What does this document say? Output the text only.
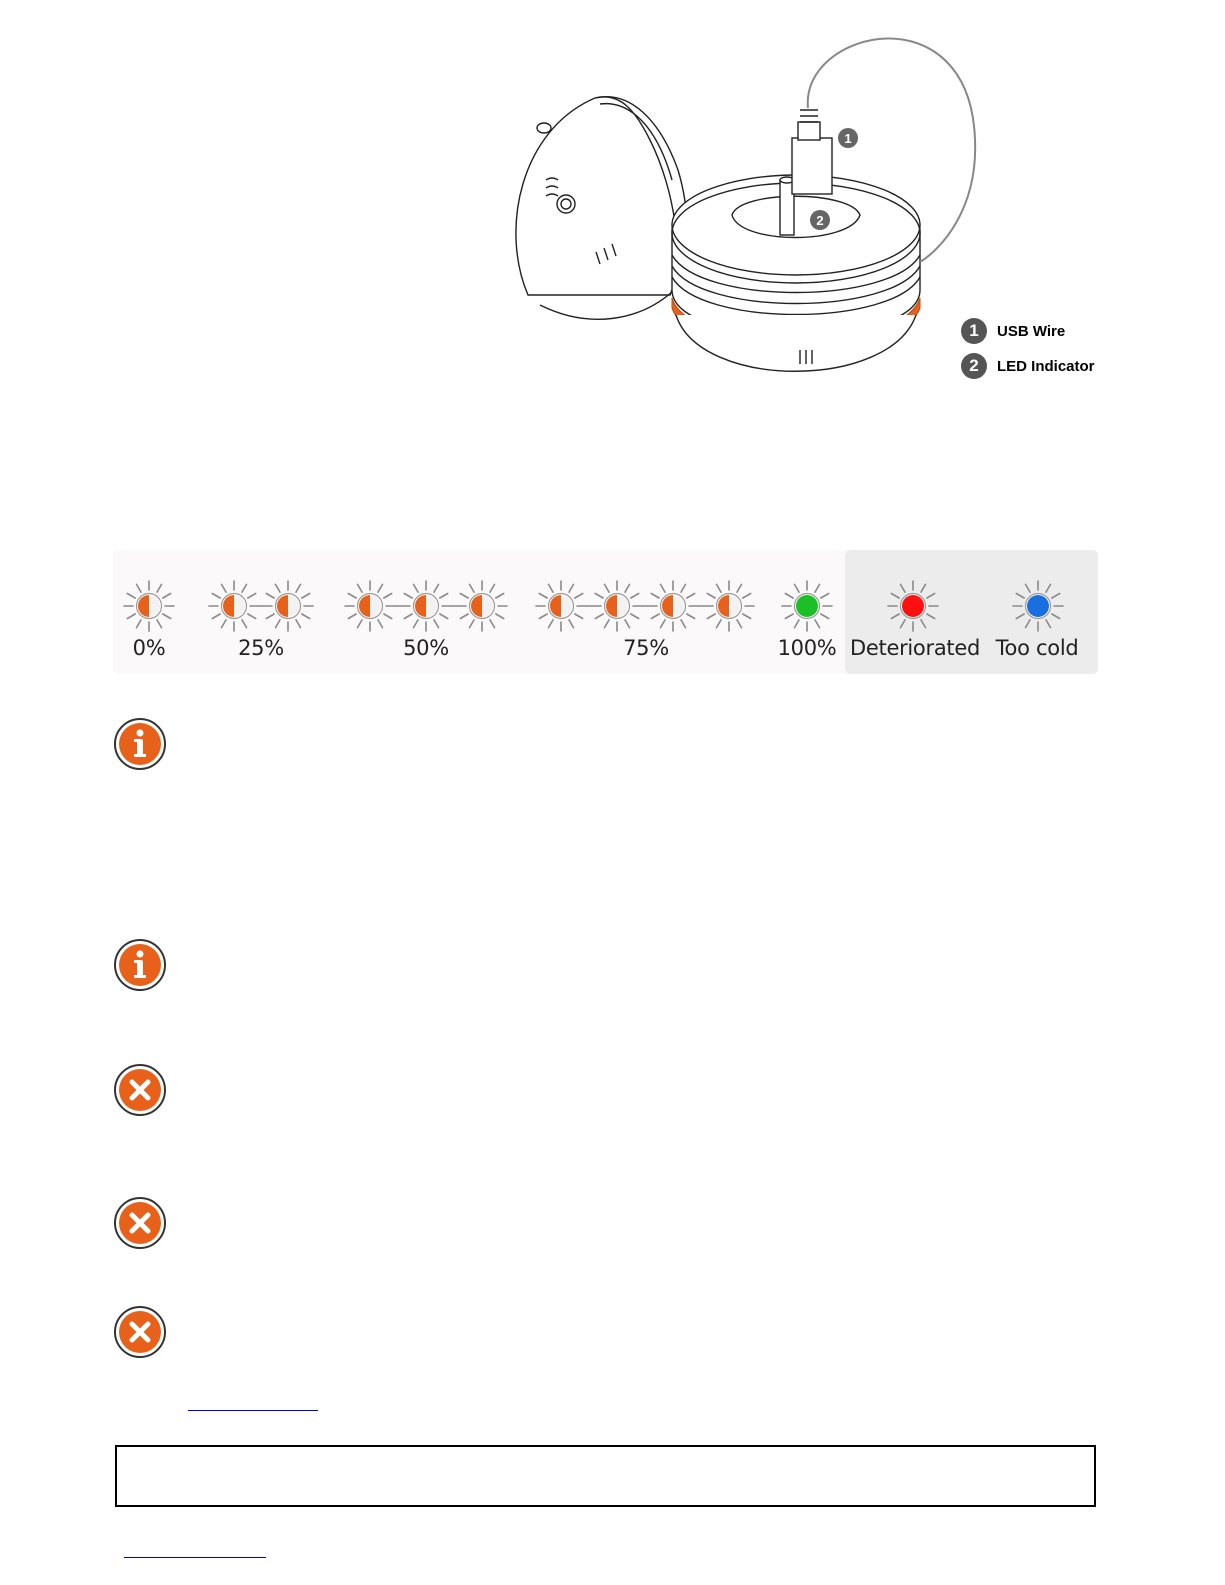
1
2
1	USB Wire
2	LED Indicator
0%	25%	50%	75%	100% Deteriorated Too cold
